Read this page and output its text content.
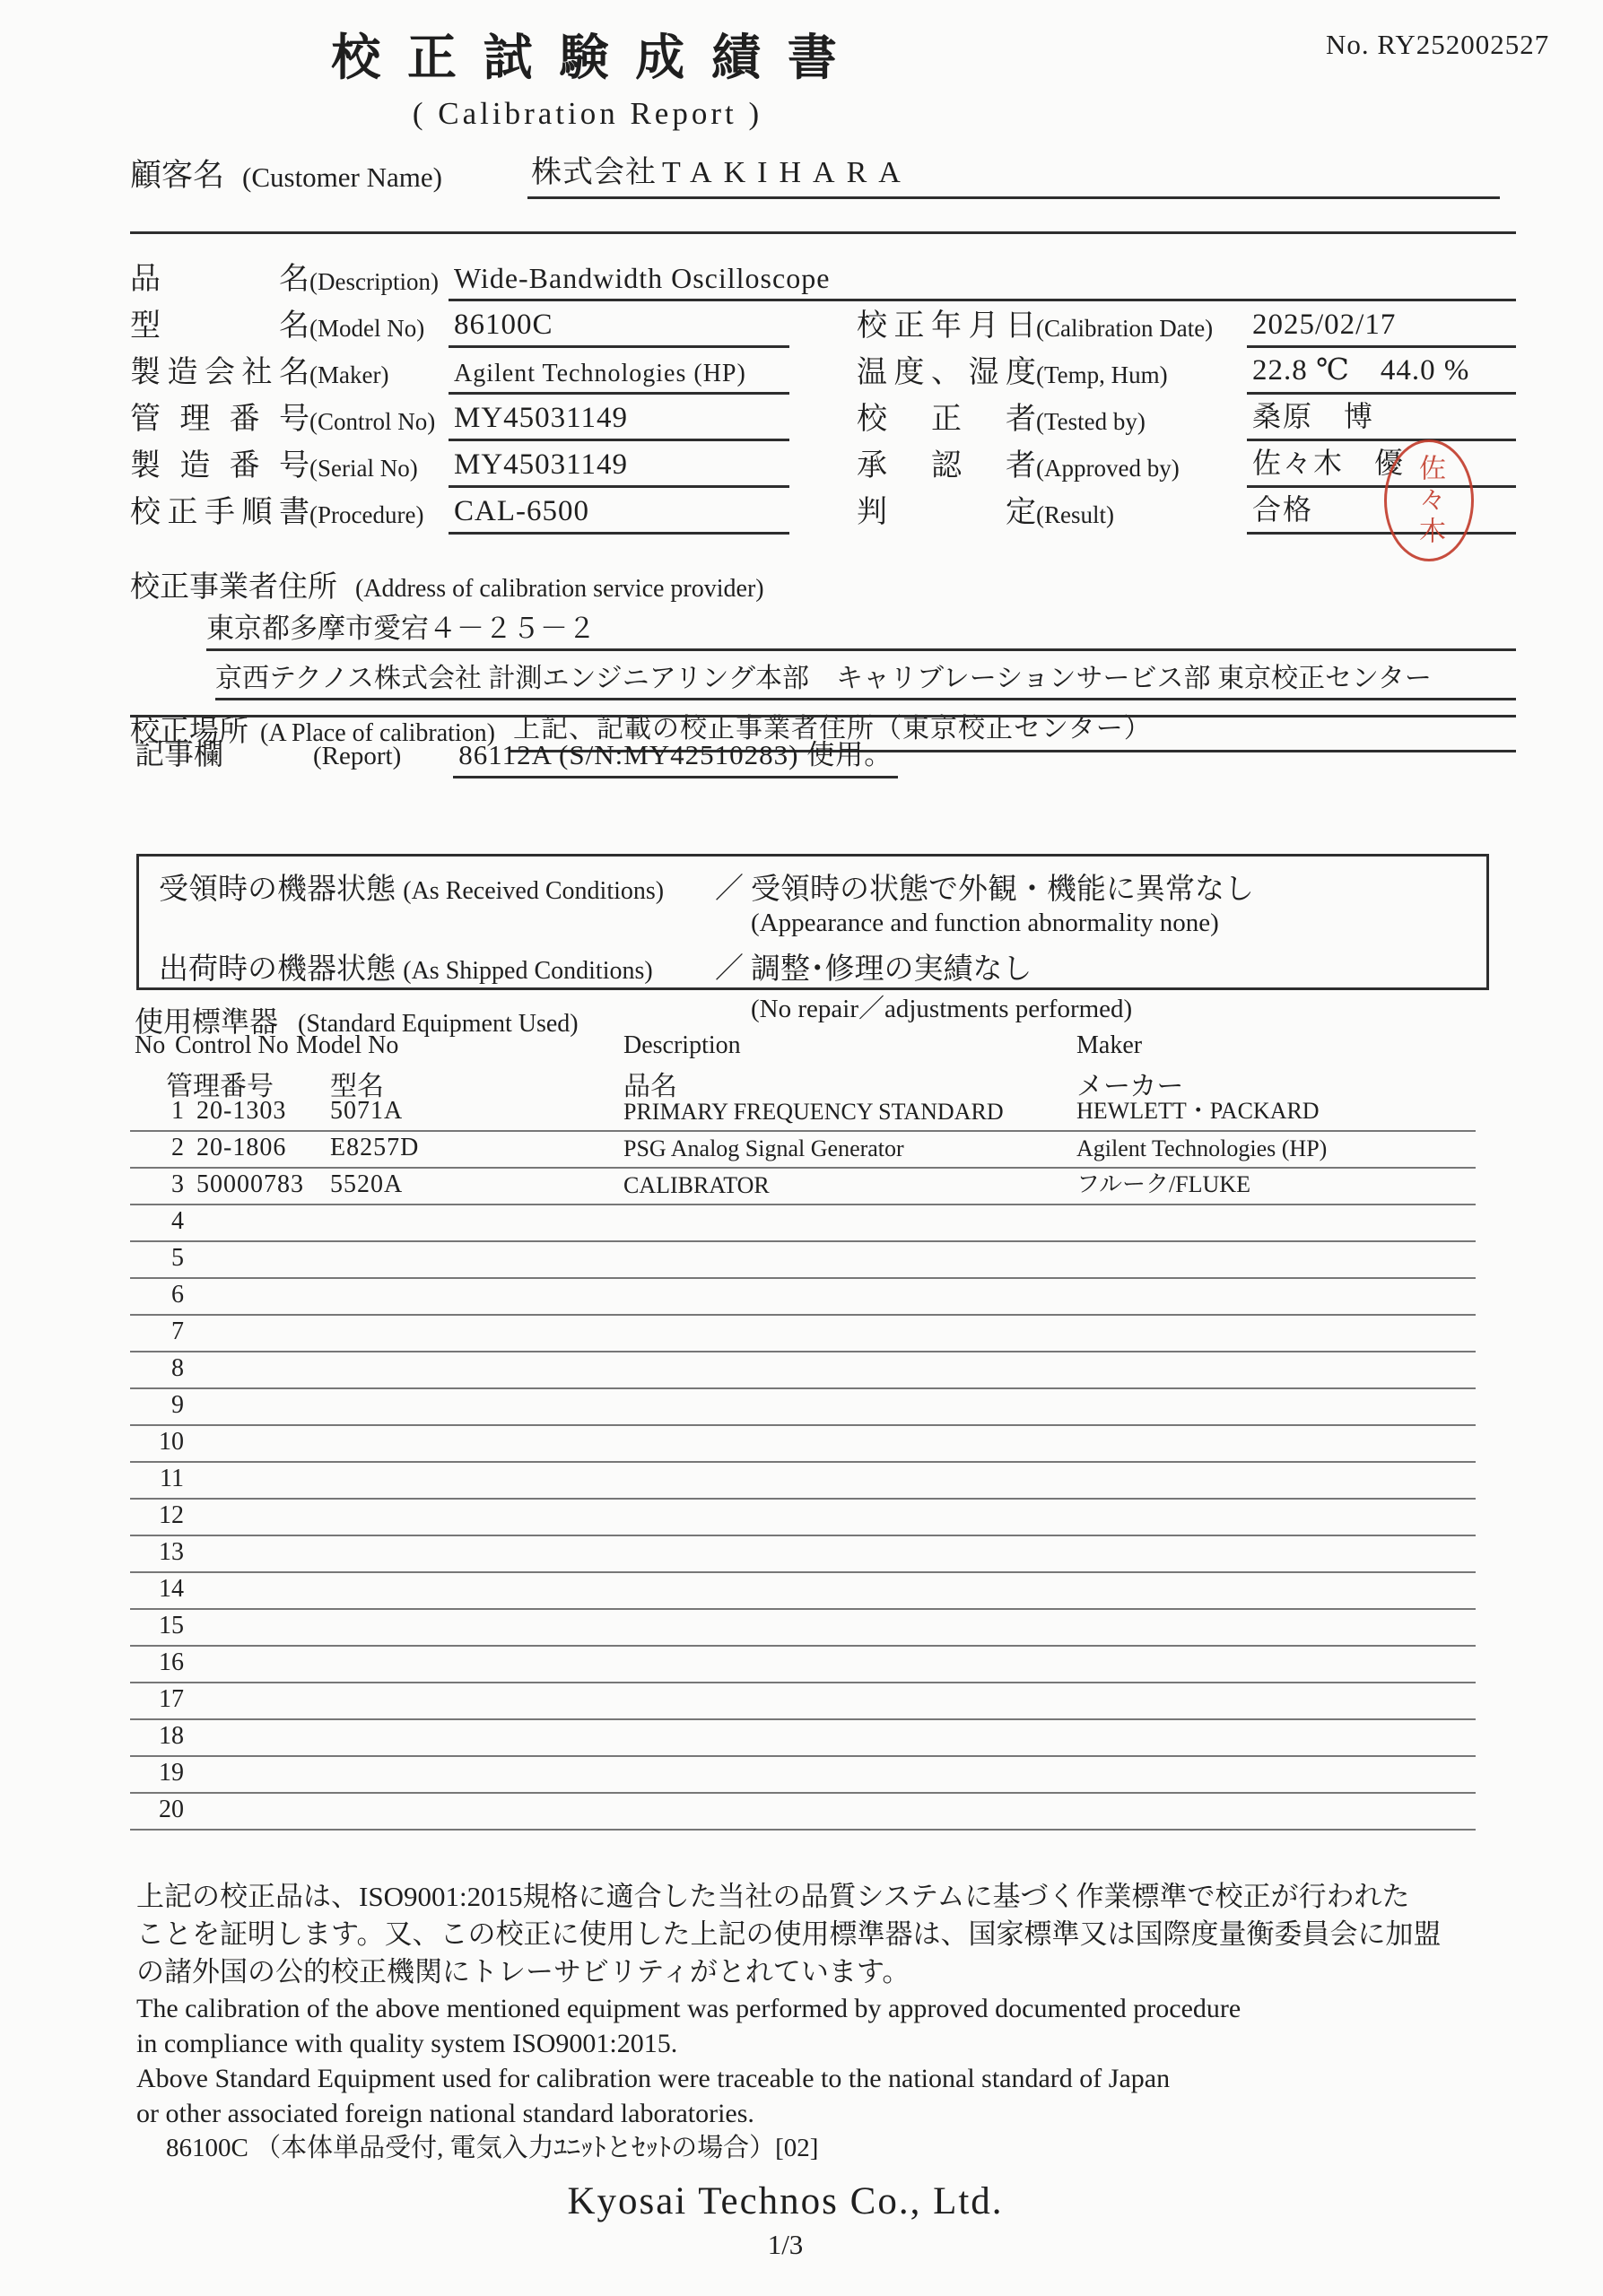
校 正 試 験 成 績 書
( Calibration Report )
No. RY252002527
顧客名 (Customer Name)	株式会社 TAKIHARA
品名 (Description) Wide-Bandwidth Oscilloscope
型名 (Model No) 86100C	校正年月日 (Calibration Date)	2025/02/17
製造会社名 (Maker)	Agilent Technologies (HP)	温度、湿度 (Temp, Hum)	22.8 ℃　44.0 %
管理番号 (Control No) MY45031149	校正者 (Tested by)	桑原　博
製造番号 (Serial No)	MY45031149	承認者 (Approved by)	佐々木　優
校正手順書 (Procedure)	CAL-6500	判定 (Result)	合格	佐々木
校正事業者住所 (Address of calibration service provider)
東京都多摩市愛宕４－２５－２
京西テクノス株式会社 計測エンジニアリング本部　キャリブレーションサービス部 東京校正センター
校正場所 (A Place of calibration) 上記、記載の校正事業者住所（東京校正センター）
記事欄	(Report) 86112A (S/N:MY42510283) 使用。
受領時の機器状態 (As Received Conditions)	／ 受領時の状態で外観・機能に異常なし
(Appearance and function abnormality none)
出荷時の機器状態 (As Shipped Conditions)	／ 調整･修理の実績なし
(No repair／adjustments performed)
使用標準器 (Standard Equipment Used)
No Control No Model No	Description	Maker
管理番号	型名	品名	メーカー
1 20-1303	5071A	PRIMARY FREQUENCY STANDARD	HEWLETT・PACKARD
2 20-1806	E8257D	PSG Analog Signal Generator	Agilent Technologies (HP)
3 50000783	5520A	CALIBRATOR	フルーク/FLUKE
4
5
6
7
8
9
10
11
12
13
14
15
16
17
18
19
20
上記の校正品は、ISO9001:2015規格に適合した当社の品質システムに基づく作業標準で校正が行われた
ことを証明します。又、この校正に使用した上記の使用標準器は、国家標準又は国際度量衡委員会に加盟
の諸外国の公的校正機関にトレーサビリティがとれています。
The calibration of the above mentioned equipment was performed by approved documented procedure
in compliance with quality system ISO9001:2015.
Above Standard Equipment used for calibration were traceable to the national standard of Japan
or other associated foreign national standard laboratories.
86100C （本体単品受付, 電気入力ﾕﾆｯﾄとｾｯﾄの場合）[02]
Kyosai Technos Co., Ltd.
1/3
